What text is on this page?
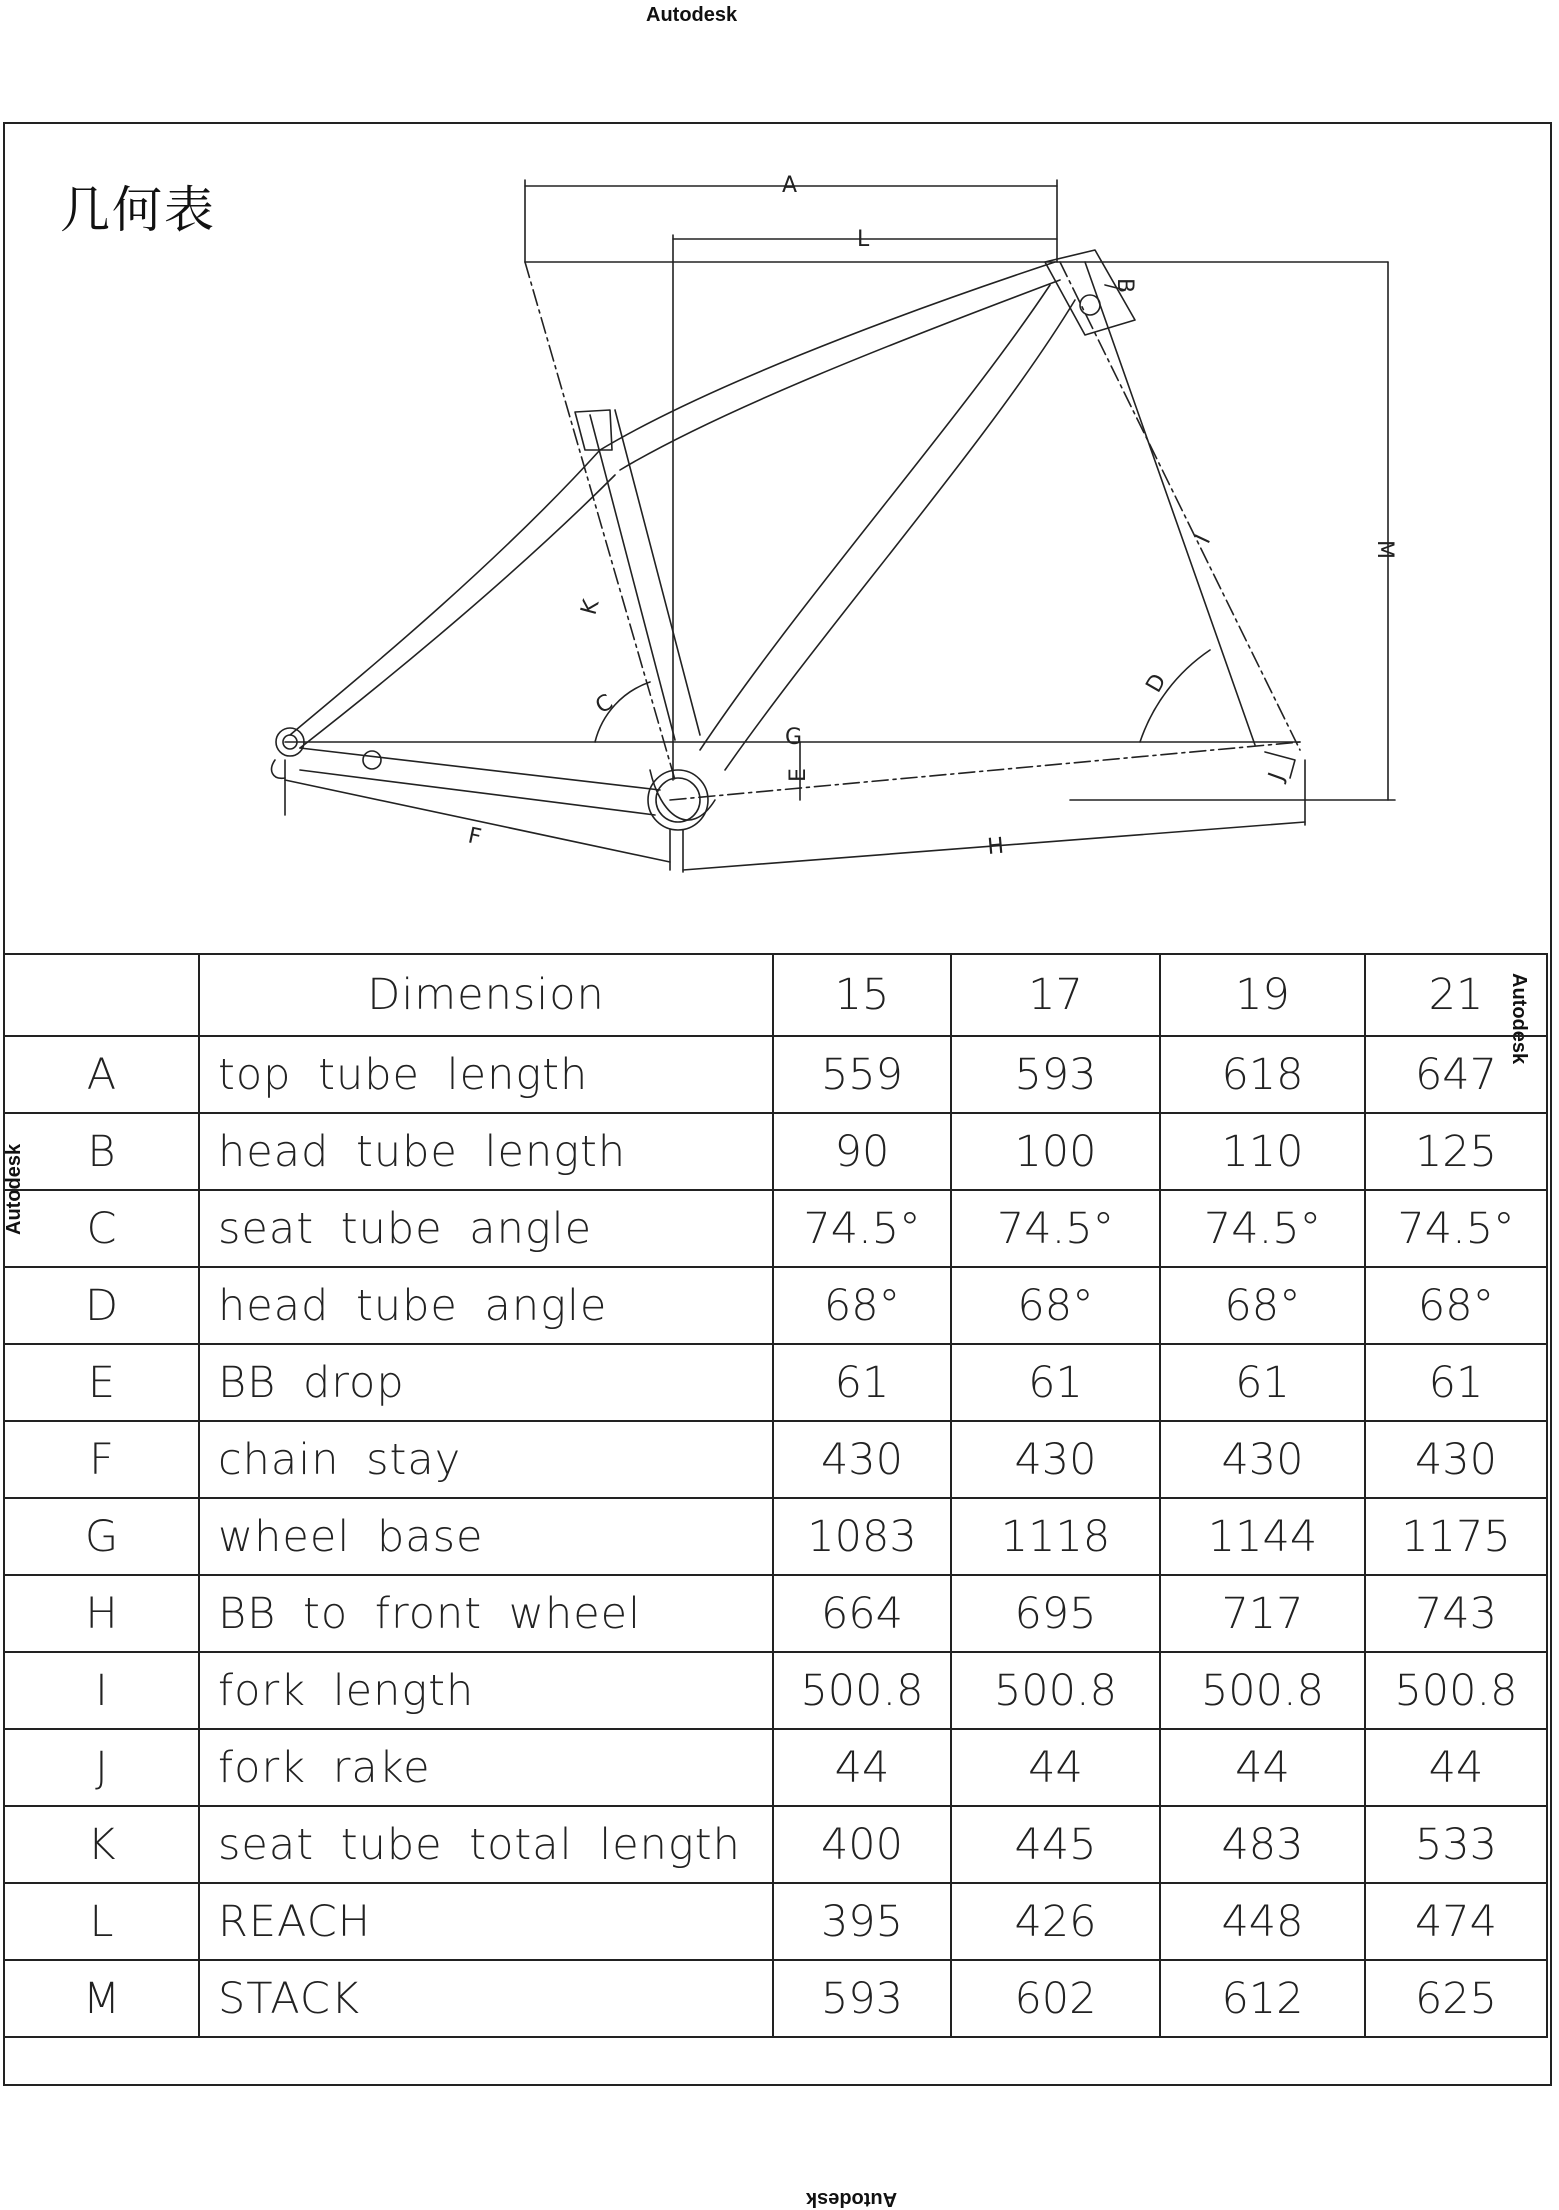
Autodesk
Autodesk
Autodesk
Autodesk
几何表	A
L
M
I
D
C
K
E
G
F	H
J
B
	Dimension	15	17	19	21
A	top tube length	559	593	618	647
B	head tube length	90	100	110	125
C	seat tube angle	74.5°	74.5°	74.5°	74.5°
D	head tube angle	68°	68°	68°	68°
E	BB drop	61	61	61	61
F	chain stay	430	430	430	430
G	wheel base	1083	1118	1144	1175
H	BB to front wheel	664	695	717	743
I	fork length	500.8	500.8	500.8	500.8
J	fork rake	44	44	44	44
K	seat tube total length	400	445	483	533
L	REACH	395	426	448	474
M	STACK	593	602	612	625
